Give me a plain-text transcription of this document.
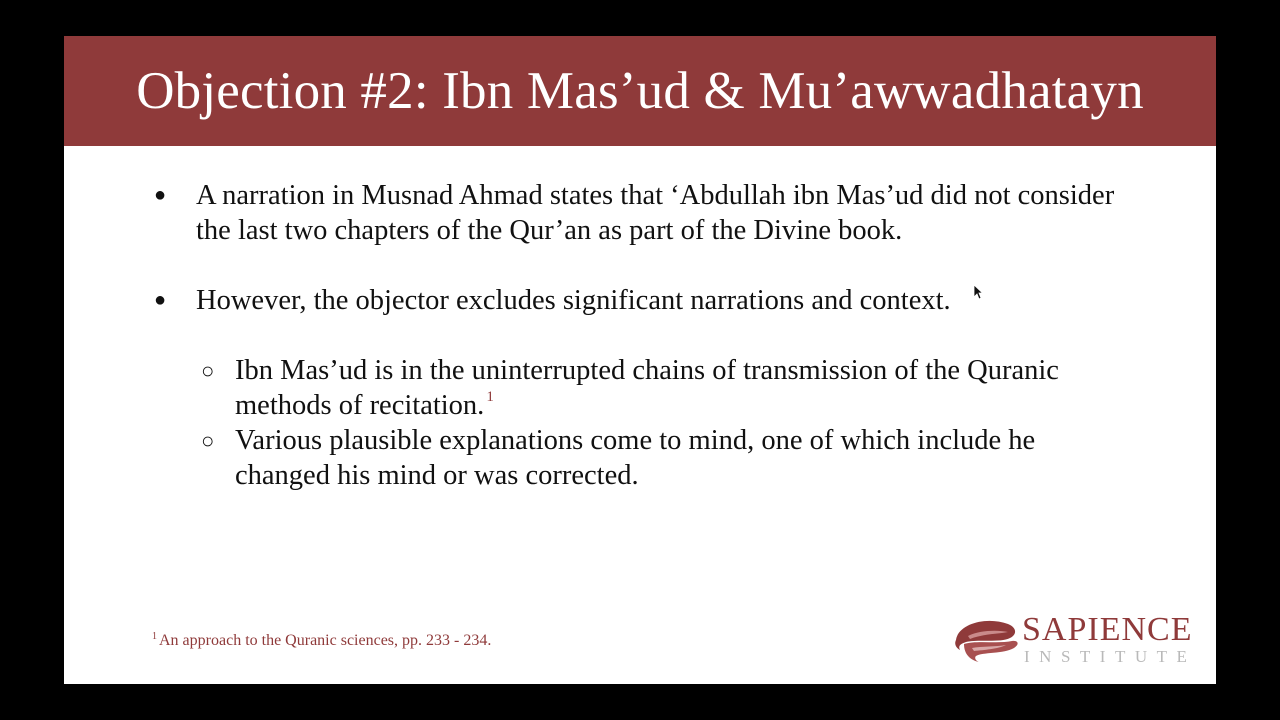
Objection #2: Ibn Mas’ud & Mu’awwadhatayn
●	A narration in Musnad Ahmad states that ‘Abdullah ibn Mas’ud did not consider the last two chapters of the Qur’an as part of the Divine book.
●	However, the objector excludes significant narrations and context.
○ Ibn Mas’ud is in the uninterrupted chains of transmission of the Quranic methods of recitation. $^1$
○ Various plausible explanations come to mind, one of which include he changed his mind or was corrected.
$^1$ An approach to the Quranic sciences, pp. 233 - 234.	SAPIENCE
INSTITUTE
